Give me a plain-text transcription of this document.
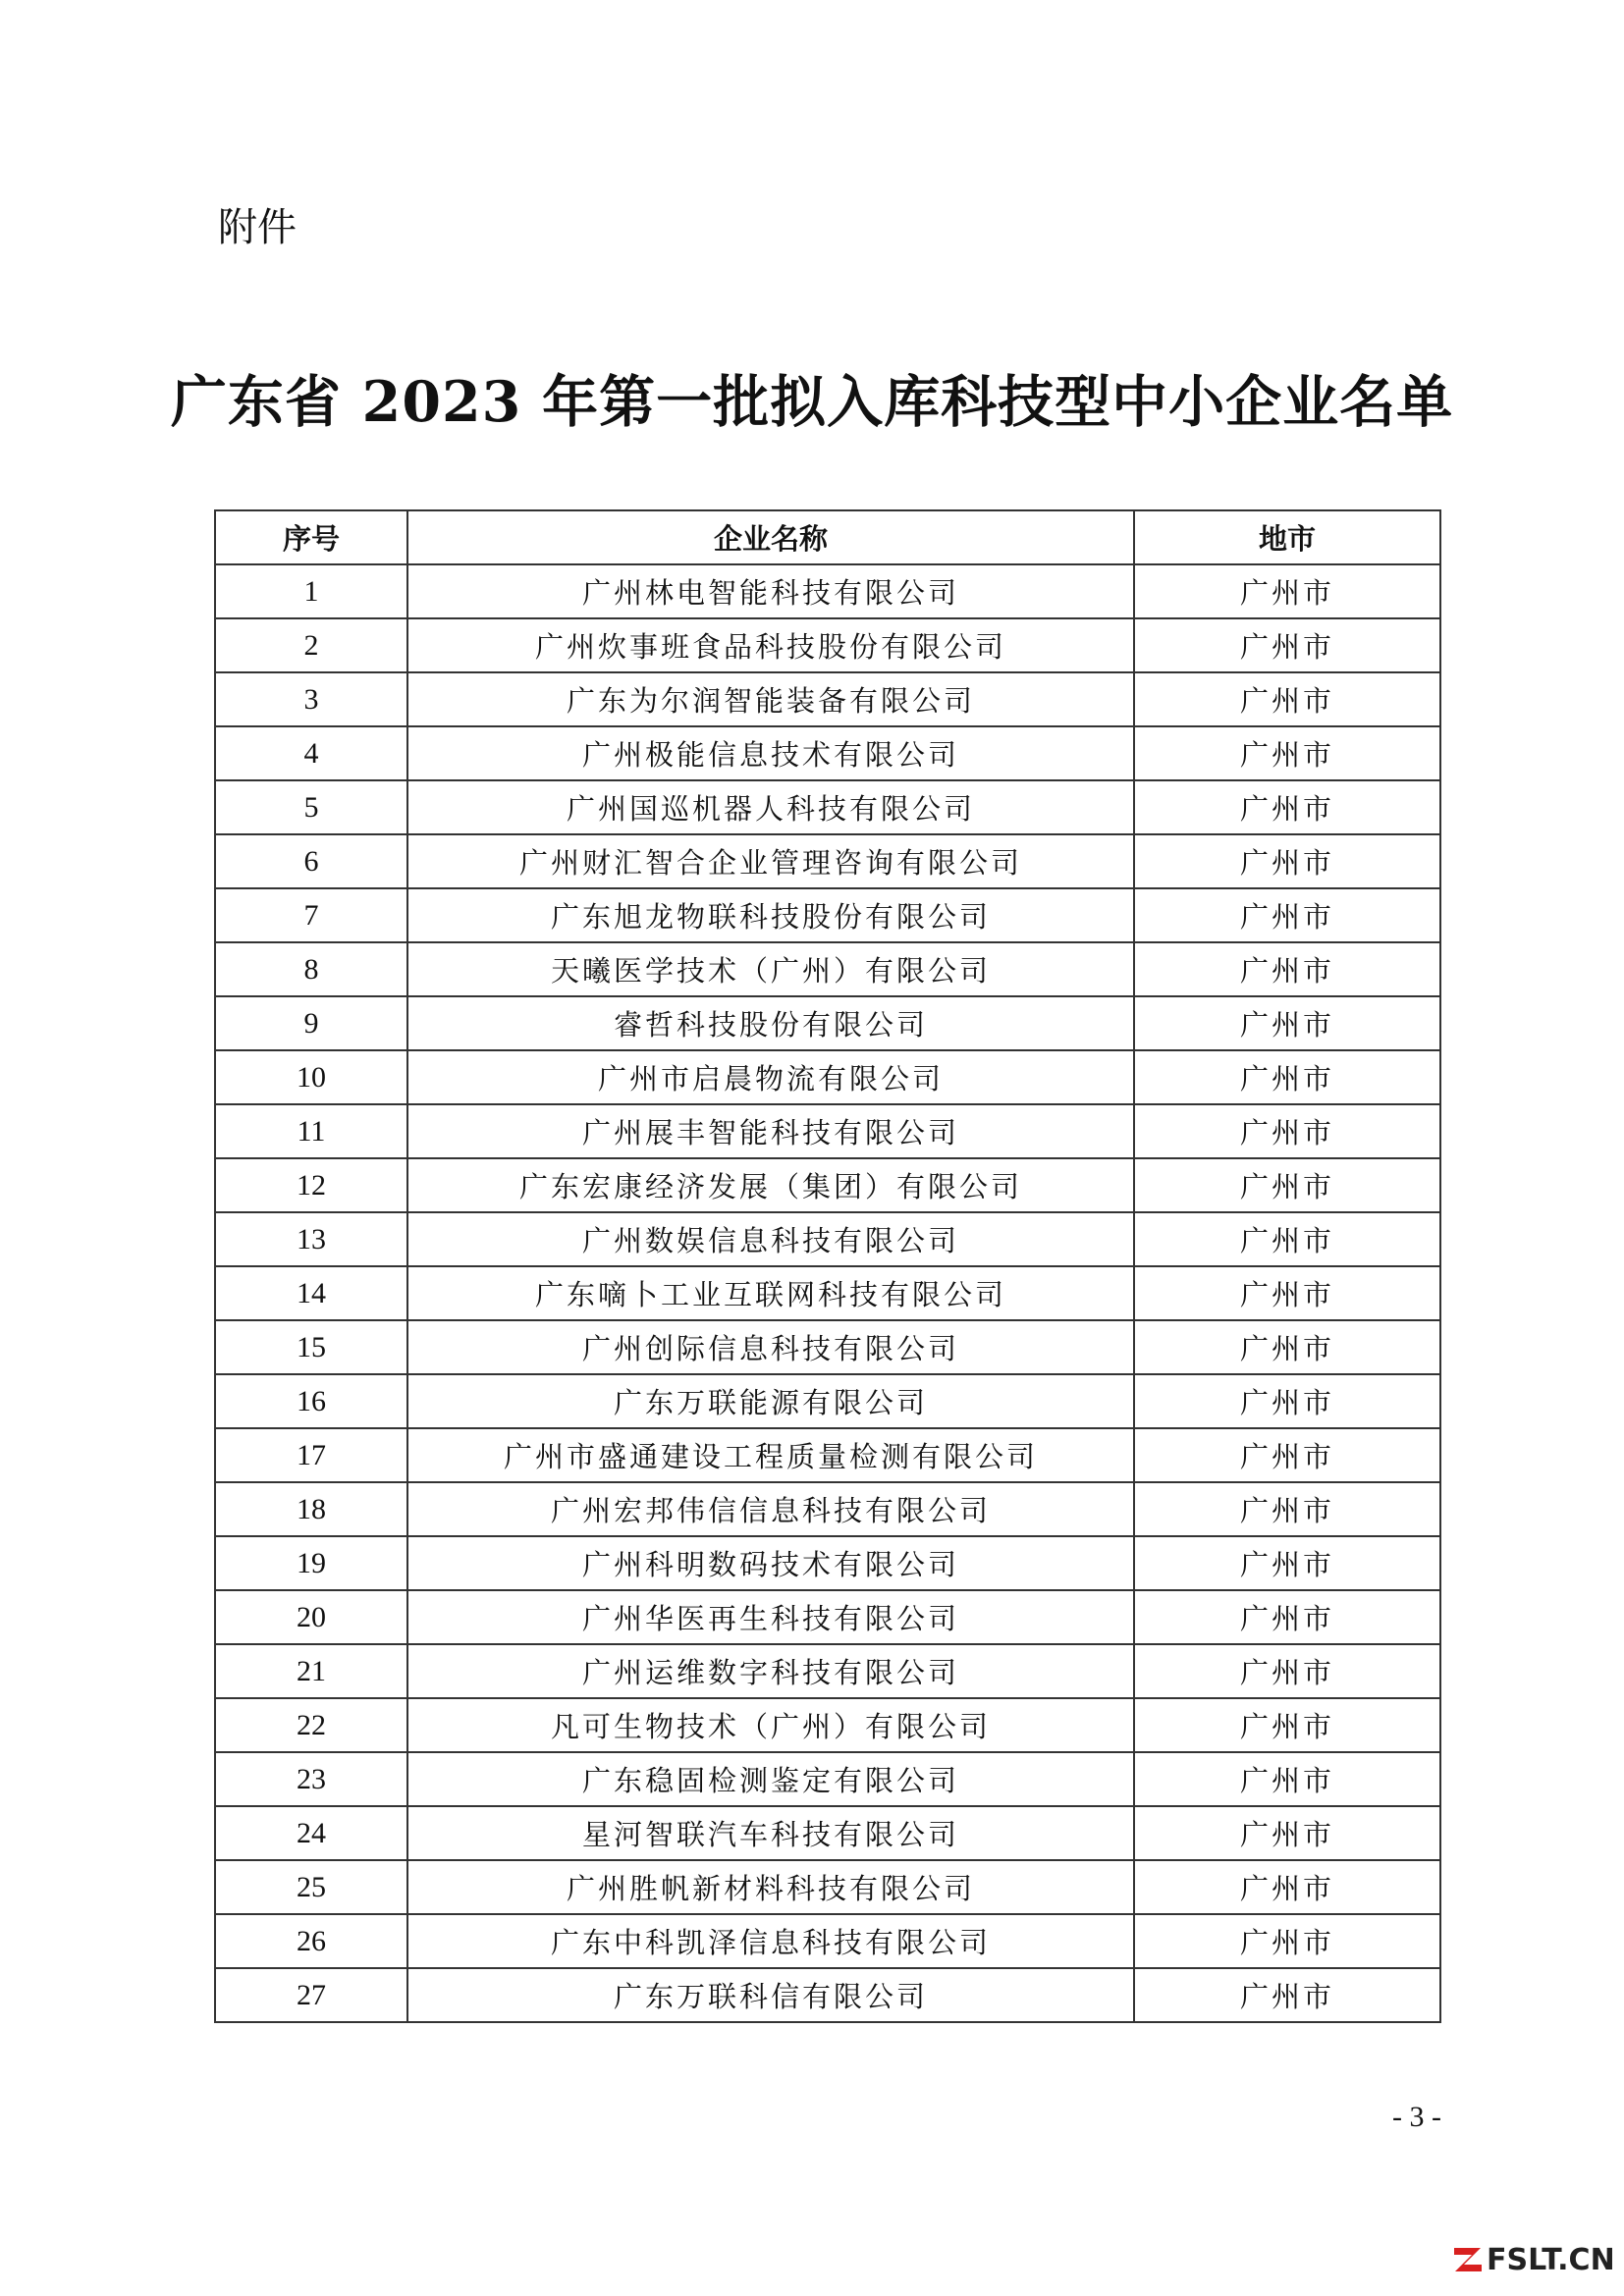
附件
广东省 2023 年第一批拟入库科技型中小企业名单
序号	企业名称	地市
1	广州林电智能科技有限公司	广州市
2	广州炊事班食品科技股份有限公司	广州市
3	广东为尔润智能装备有限公司	广州市
4	广州极能信息技术有限公司	广州市
5	广州国巡机器人科技有限公司	广州市
6	广州财汇智合企业管理咨询有限公司	广州市
7	广东旭龙物联科技股份有限公司	广州市
8	天曦医学技术（广州）有限公司	广州市
9	睿哲科技股份有限公司	广州市
10	广州市启晨物流有限公司	广州市
11	广州展丰智能科技有限公司	广州市
12	广东宏康经济发展（集团）有限公司	广州市
13	广州数娱信息科技有限公司	广州市
14	广东嘀卜工业互联网科技有限公司	广州市
15	广州创际信息科技有限公司	广州市
16	广东万联能源有限公司	广州市
17	广州市盛通建设工程质量检测有限公司	广州市
18	广州宏邦伟信信息科技有限公司	广州市
19	广州科明数码技术有限公司	广州市
20	广州华医再生科技有限公司	广州市
21	广州运维数字科技有限公司	广州市
22	凡可生物技术（广州）有限公司	广州市
23	广东稳固检测鉴定有限公司	广州市
24	星河智联汽车科技有限公司	广州市
25	广州胜帆新材料科技有限公司	广州市
26	广东中科凯泽信息科技有限公司	广州市
27	广东万联科信有限公司	广州市
- 3 -
FSLT.CN
